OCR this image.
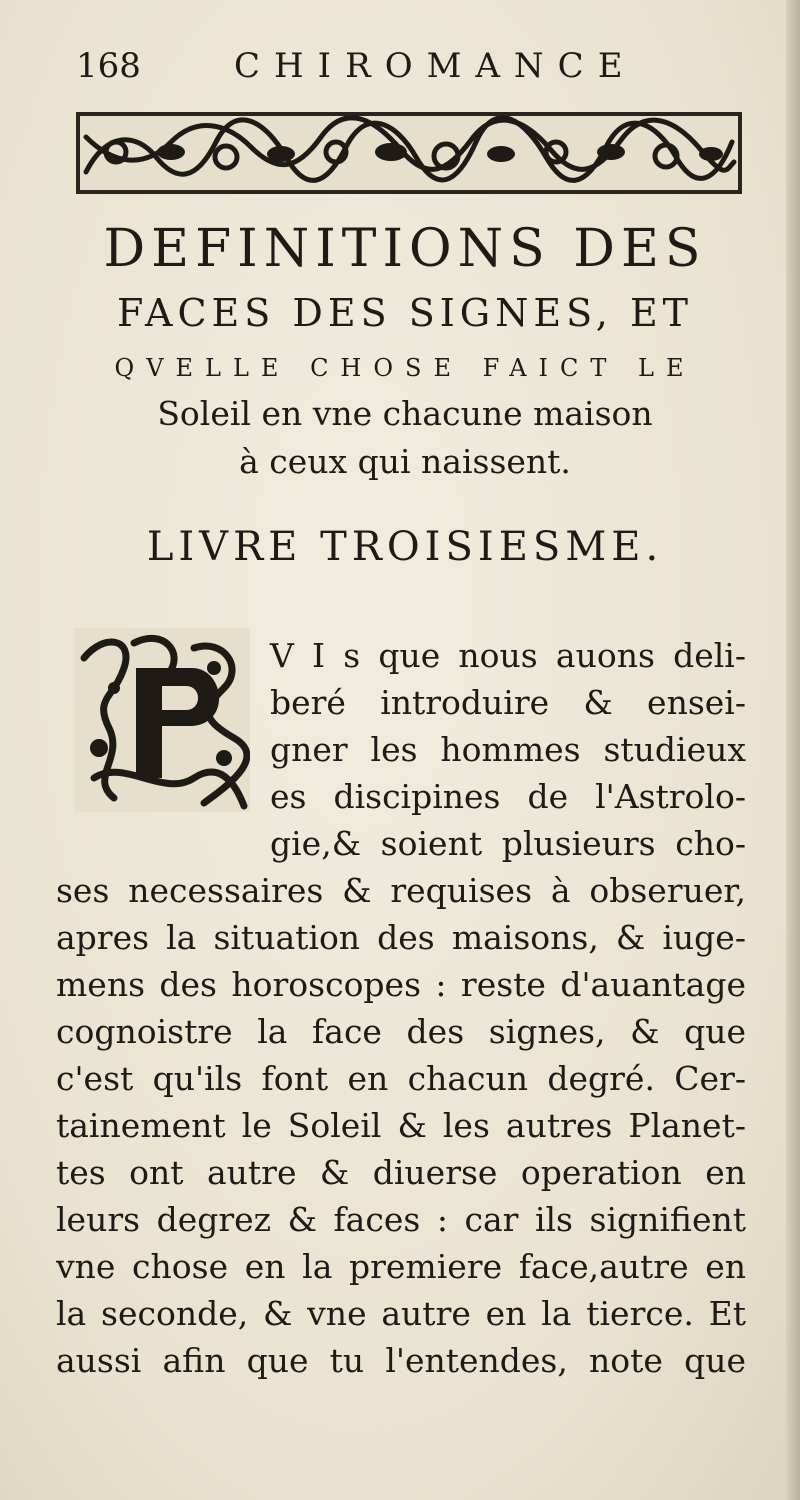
168	CHIROMANCE
DEFINITIONS DES
FACES DES SIGNES, ET
QVELLE CHOSE FAICT LE
Soleil en vne chacune maison
à ceux qui naissent.
LIVRE TROISIESME.
V I s que nous auons deli-
beré introduire & ensei-
gner les hommes studieux
es discipines de l'Astrolo-
gie,& soient plusieurs cho-
ses necessaires & requises à obseruer,
apres la situation des maisons, & iuge-
mens des horoscopes : reste d'auantage
cognoistre la face des signes, & que
c'est qu'ils font en chacun degré. Cer-
tainement le Soleil & les autres Planet-
tes ont autre & diuerse operation en
leurs degrez & faces : car ils signifient
vne chose en la premiere face,autre en
la seconde, & vne autre en la tierce. Et
aussi afin que tu l'entendes, note que
